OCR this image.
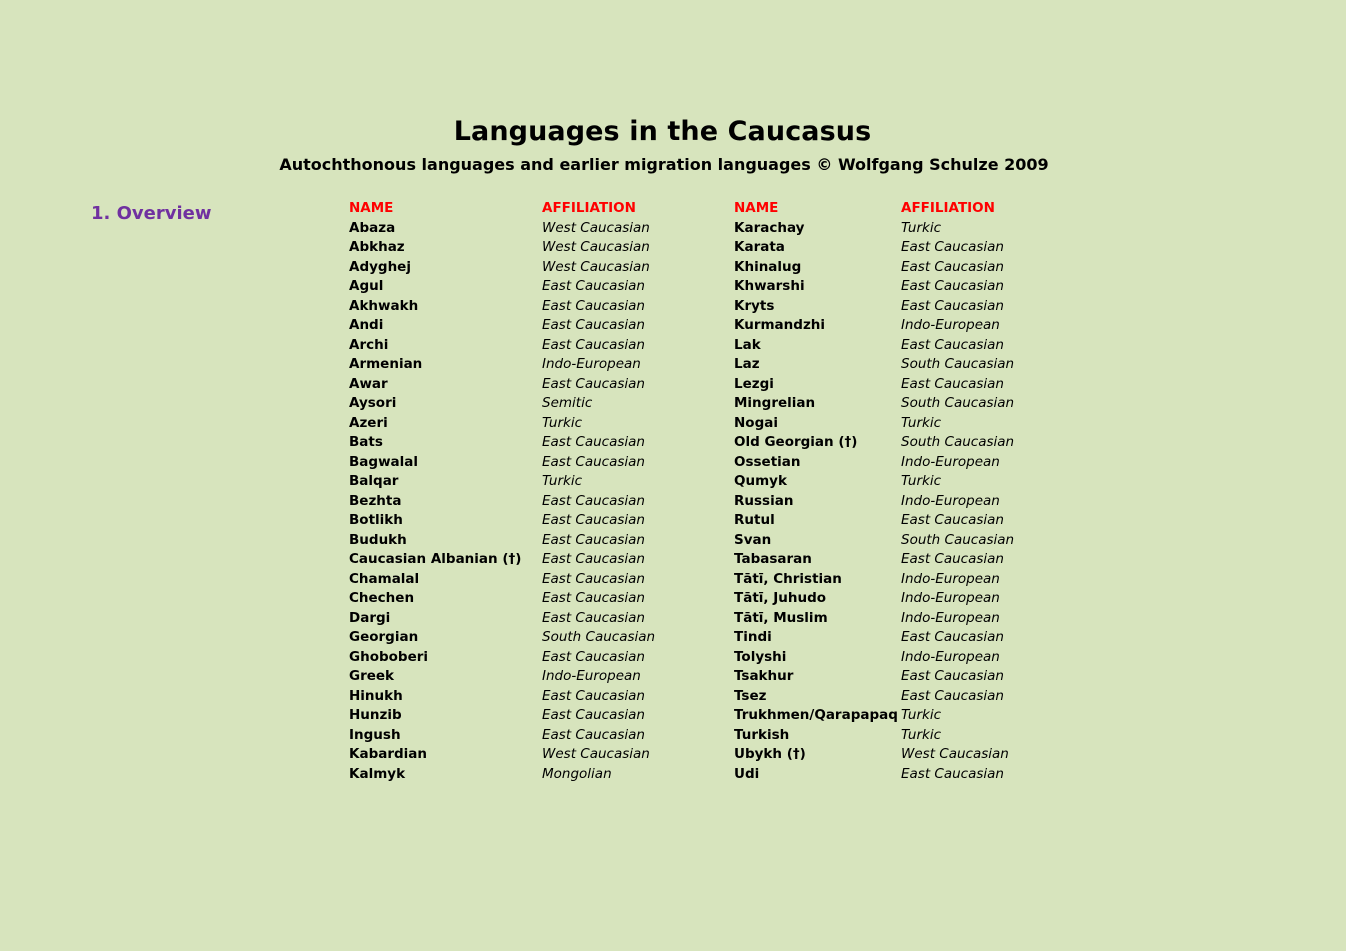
Languages in the Caucasus
Autochthonous languages and earlier migration languages © Wolfgang Schulze 2009
1. Overview	NAME
Abaza
Abkhaz
Adyghej
Agul
Akhwakh
Andi
Archi
Armenian
Awar
Aysori
Azeri
Bats
Bagwalal
Balqar
Bezhta
Botlikh
Budukh
Caucasian Albanian (†)
Chamalal
Chechen
Dargi
Georgian
Ghoboberi
Greek
Hinukh
Hunzib
Ingush
Kabardian
Kalmyk
AFFILIATION
West Caucasian
West Caucasian
West Caucasian
East Caucasian
East Caucasian
East Caucasian
East Caucasian
Indo-European
East Caucasian
Semitic
Turkic
East Caucasian
East Caucasian
Turkic
East Caucasian
East Caucasian
East Caucasian
East Caucasian
East Caucasian
East Caucasian
East Caucasian
South Caucasian
East Caucasian
Indo-European
East Caucasian
East Caucasian
East Caucasian
West Caucasian
Mongolian
NAME
Karachay
Karata
Khinalug
Khwarshi
Kryts
Kurmandzhi
Lak
Laz
Lezgi
Mingrelian
Nogai
Old Georgian (†)
Ossetian
Qumyk
Russian
Rutul
Svan
Tabasaran
Tātī, Christian
Tātī, Juhudo
Tātī, Muslim
Tindi
Tolyshi
Tsakhur
Tsez
Trukhmen/Qarapapaq
Turkish
Ubykh (†)
Udi
AFFILIATION
Turkic
East Caucasian
East Caucasian
East Caucasian
East Caucasian
Indo-European
East Caucasian
South Caucasian
East Caucasian
South Caucasian
Turkic
South Caucasian
Indo-European
Turkic
Indo-European
East Caucasian
South Caucasian
East Caucasian
Indo-European
Indo-European
Indo-European
East Caucasian
Indo-European
East Caucasian
East Caucasian
Turkic
Turkic
West Caucasian
East Caucasian
